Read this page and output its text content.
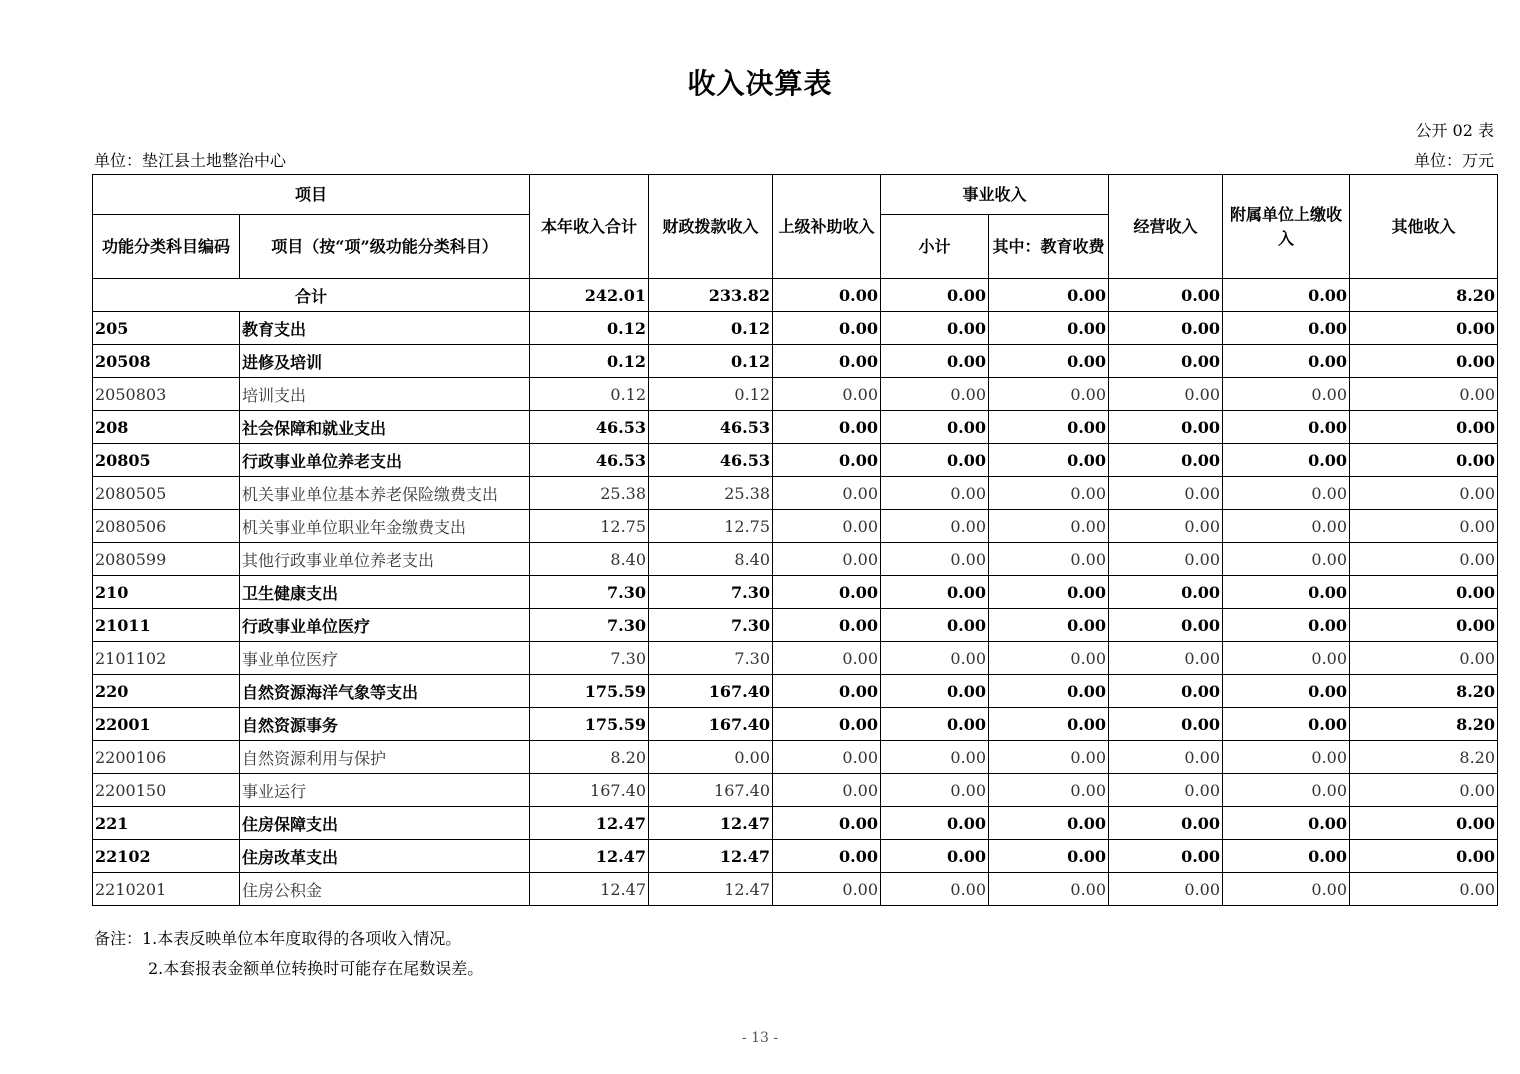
收入决算表
公开 02 表
单位：垫江县土地整治中心	单位：万元
项目		本年收入合计	财政拨款收入	上级补助收入	事业收入		经营收入	附属单位上缴收入	其他收入
功能分类科目编码	项目（按“项”级功能分类科目）				小计	其中：教育收费			
合计		242.01	233.82	0.00	0.00	0.00	0.00	0.00	8.20
205	教育支出	0.12	0.12	0.00	0.00	0.00	0.00	0.00	0.00
20508	进修及培训	0.12	0.12	0.00	0.00	0.00	0.00	0.00	0.00
2050803	培训支出	0.12	0.12	0.00	0.00	0.00	0.00	0.00	0.00
208	社会保障和就业支出	46.53	46.53	0.00	0.00	0.00	0.00	0.00	0.00
20805	行政事业单位养老支出	46.53	46.53	0.00	0.00	0.00	0.00	0.00	0.00
2080505	机关事业单位基本养老保险缴费支出	25.38	25.38	0.00	0.00	0.00	0.00	0.00	0.00
2080506	机关事业单位职业年金缴费支出	12.75	12.75	0.00	0.00	0.00	0.00	0.00	0.00
2080599	其他行政事业单位养老支出	8.40	8.40	0.00	0.00	0.00	0.00	0.00	0.00
210	卫生健康支出	7.30	7.30	0.00	0.00	0.00	0.00	0.00	0.00
21011	行政事业单位医疗	7.30	7.30	0.00	0.00	0.00	0.00	0.00	0.00
2101102	事业单位医疗	7.30	7.30	0.00	0.00	0.00	0.00	0.00	0.00
220	自然资源海洋气象等支出	175.59	167.40	0.00	0.00	0.00	0.00	0.00	8.20
22001	自然资源事务	175.59	167.40	0.00	0.00	0.00	0.00	0.00	8.20
2200106	自然资源利用与保护	8.20	0.00	0.00	0.00	0.00	0.00	0.00	8.20
2200150	事业运行	167.40	167.40	0.00	0.00	0.00	0.00	0.00	0.00
221	住房保障支出	12.47	12.47	0.00	0.00	0.00	0.00	0.00	0.00
22102	住房改革支出	12.47	12.47	0.00	0.00	0.00	0.00	0.00	0.00
2210201	住房公积金	12.47	12.47	0.00	0.00	0.00	0.00	0.00	0.00
备注：1.本表反映单位本年度取得的各项收入情况。
2.本套报表金额单位转换时可能存在尾数误差。
- 13 -
